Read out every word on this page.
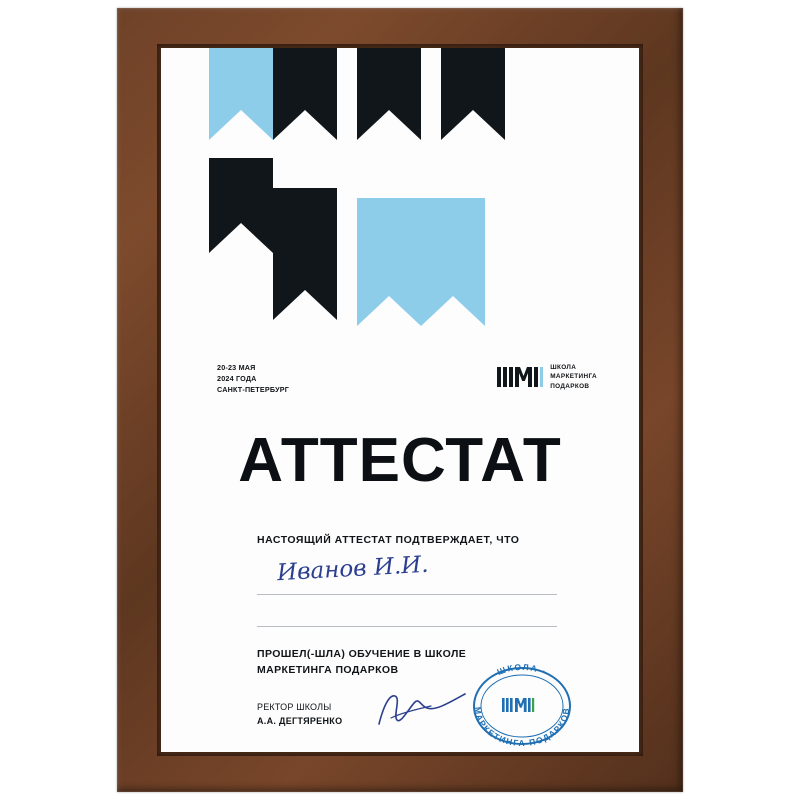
20-23 МАЯ
2024 ГОДА
САНКТ-ПЕТЕРБУРГ
ШКОЛА
МАРКЕТИНГА
ПОДАРКОВ
АТТЕСТАТ
НАСТОЯЩИЙ АТТЕСТАТ ПОДТВЕРЖДАЕТ, ЧТО
Иванов И.И.
ПРОШЕЛ(-ШЛА) ОБУЧЕНИЕ В ШКОЛЕ
МАРКЕТИНГА ПОДАРКОВ
РЕКТОР ШКОЛЫ
А.А. ДЕГТЯРЕНКО
ШКОЛА ·
МАРКЕТИНГА ПОДАРКОВ
